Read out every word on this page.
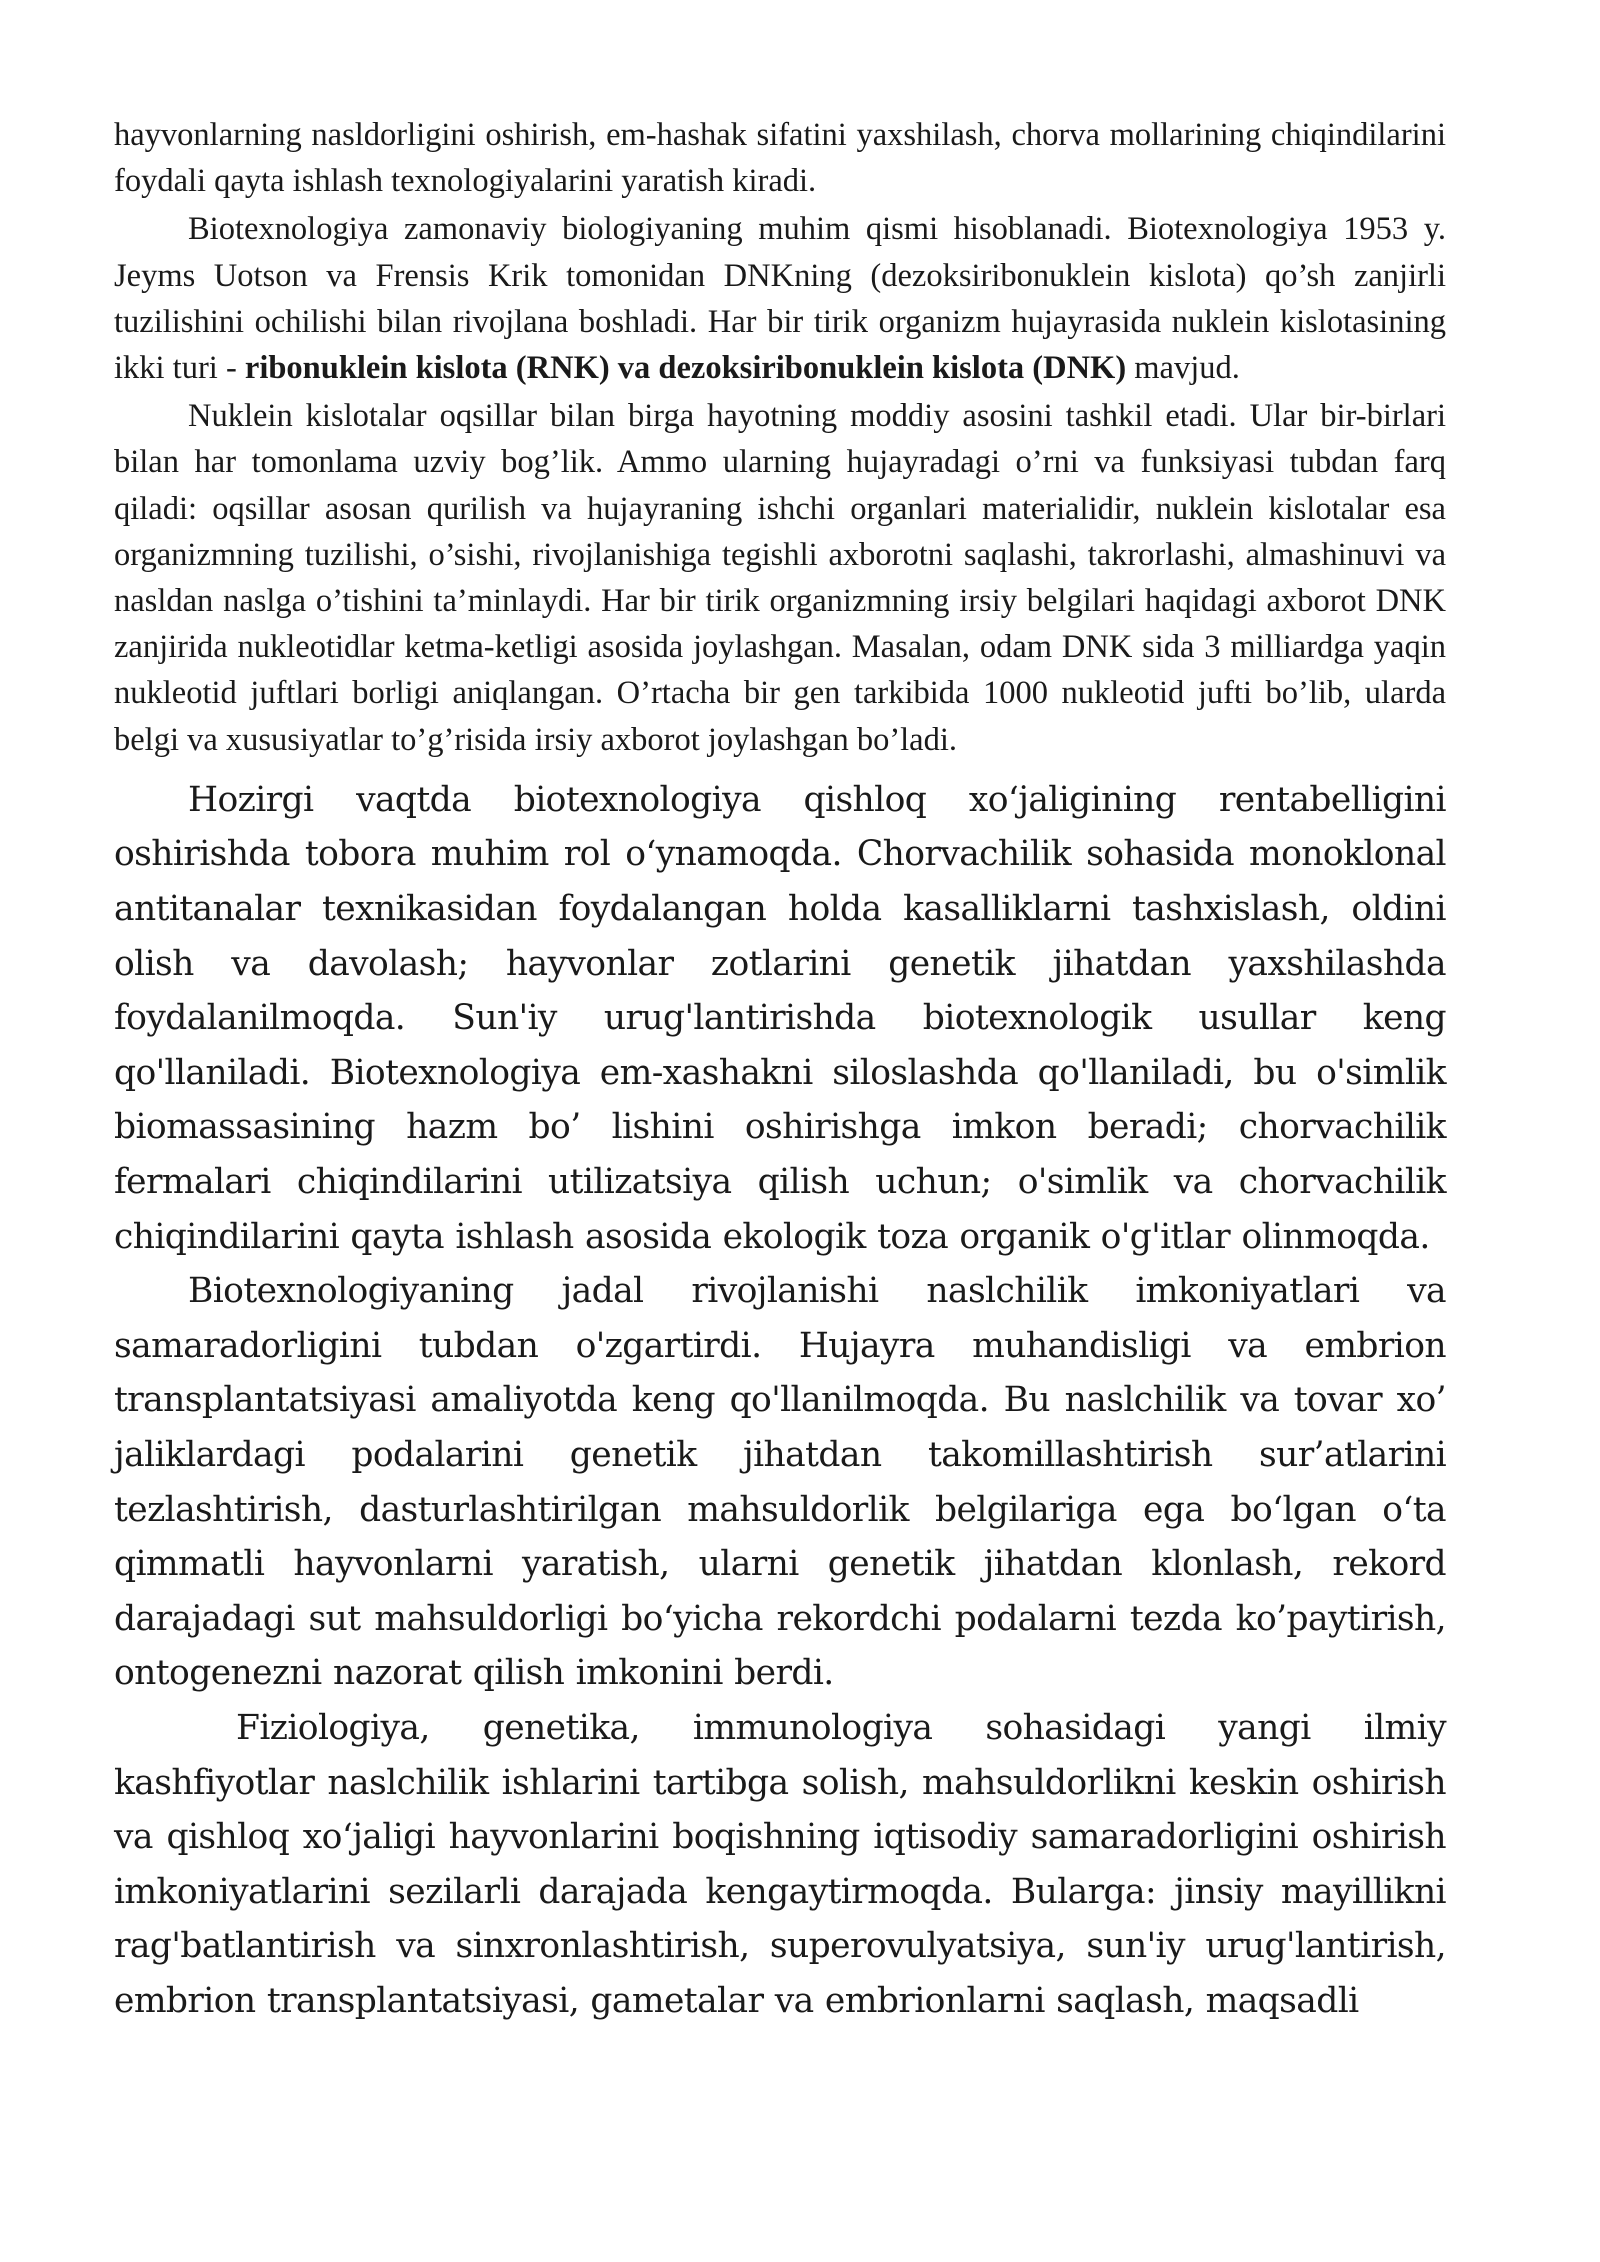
hayvonlarning nasldorligini oshirish, em-hashak sifatini yaxshilash, chorva mollarining chiqindilarini foydali qayta ishlash texnologiyalarini yaratish kiradi.

Biotexnologiya zamonaviy biologiyaning muhim qismi hisoblanadi. Biotexnologiya 1953 y. Jeyms Uotson va Frensis Krik tomonidan DNKning (dezoksiribonuklein kislota) qo’sh zanjirli tuzilishini ochilishi bilan rivojlana boshladi. Har bir tirik organizm hujayrasida nuklein kislotasining ikki turi - ribonuklein kislota (RNK) va dezoksiribonuklein kislota (DNK) mavjud.

Nuklein kislotalar oqsillar bilan birga hayotning moddiy asosini tashkil etadi. Ular bir-birlari bilan har tomonlama uzviy bog’lik. Ammo ularning hujayradagi o’rni va funksiyasi tubdan farq qiladi: oqsillar asosan qurilish va hujayraning ishchi organlari materialidir, nuklein kislotalar esa organizmning tuzilishi, o’sishi, rivojlanishiga tegishli axborotni saqlashi, takrorlashi, almashinuvi va nasldan naslga o’tishini ta’minlaydi. Har bir tirik organizmning irsiy belgilari haqidagi axborot DNK zanjirida nukleotidlar ketma-ketligi asosida joylashgan. Masalan, odam DNK sida 3 milliardga yaqin nukleotid juftlari borligi aniqlangan. O’rtacha bir gen tarkibida 1000 nukleotid jufti bo’lib, ularda belgi va xususiyatlar to’g’risida irsiy axborot joylashgan bo’ladi.

Hozirgi vaqtda biotexnologiya qishloq xo‘jaligining rentabelligini oshirishda tobora muhim rol o‘ynamoqda. Chorvachilik sohasida monoklonal antitanalar texnikasidan foydalangan holda kasalliklarni tashxislash, oldini olish va davolash; hayvonlar zotlarini genetik jihatdan yaxshilashda foydalanilmoqda. Sun'iy urug'lantirishda biotexnologik usullar keng qo'llaniladi. Biotexnologiya em-xashakni siloslashda qo'llaniladi, bu o'simlik biomassasining hazm bo’ lishini oshirishga imkon beradi; chorvachilik fermalari chiqindilarini utilizatsiya qilish uchun; o'simlik va chorvachilik chiqindilarini qayta ishlash asosida ekologik toza organik o'g'itlar olinmoqda.

Biotexnologiyaning jadal rivojlanishi naslchilik imkoniyatlari va samaradorligini tubdan o'zgartirdi. Hujayra muhandisligi va embrion transplantatsiyasi amaliyotda keng qo'llanilmoqda. Bu naslchilik va tovar xo’ jaliklardagi podalarini genetik jihatdan takomillashtirish sur’atlarini tezlashtirish, dasturlashtirilgan mahsuldorlik belgilariga ega bo‘lgan o‘ta qimmatli hayvonlarni yaratish, ularni genetik jihatdan klonlash, rekord darajadagi sut mahsuldorligi bo‘yicha rekordchi podalarni tezda ko’paytirish, ontogenezni nazorat qilish imkonini berdi.

Fiziologiya, genetika, immunologiya sohasidagi yangi ilmiy kashfiyotlar naslchilik ishlarini tartibga solish, mahsuldorlikni keskin oshirish va qishloq xo‘jaligi hayvonlarini boqishning iqtisodiy samaradorligini oshirish imkoniyatlarini sezilarli darajada kengaytirmoqda. Bularga: jinsiy mayillikni rag'batlantirish va sinxronlashtirish, superovulyatsiya, sun'iy urug'lantirish, embrion transplantatsiyasi, gametalar va embrionlarni saqlash, maqsadli
